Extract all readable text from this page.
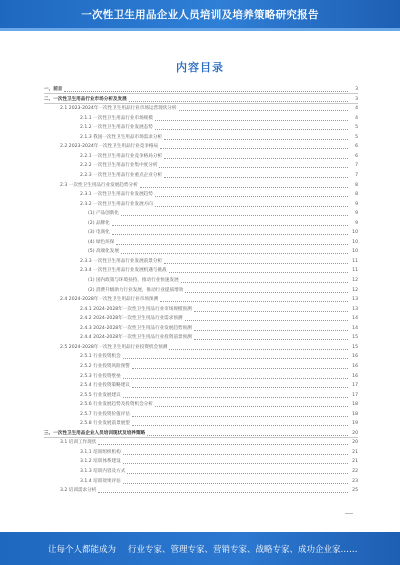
一次性卫生用品企业人员培训及培养策略研究报告
内容目录
一、前言	3
二、一次性卫生用品行业市场分析及发展	3
2.1 2023-2024年一次性卫生用品行业市场运营现状分析	4
2.1.1 一次性卫生用品行业市场规模	4
2.1.2 一次性卫生用品行业发展态势	5
2.1.3 我国一次性卫生用品市场需求分析	5
2.2 2023-2024年一次性卫生用品行业竞争格局	6
2.2.1 一次性卫生用品行业竞争格局分析	6
2.2.2 一次性卫生用品行业集中度分析	7
2.2.3 一次性卫生用品行业重点企业分析	7
2.3 一次性卫生用品行业发展趋势分析	8
2.3.1 一次性卫生用品行业发展趋势	8
2.3.2 一次性卫生用品行业发展方向	9
(1) 产品创新化	9
(2) 品牌化	9
(3) 电商化	10
(4) 绿色环保	10
(5) 高端化发展	10
2.3.3 一次性卫生用品行业发展前景分析	11
2.3.4 一次性卫生用品行业发展机遇与挑战	11
(1) 国内政策与环境扶持，推动行业快速发展	12
(2) 消费升级助力行业发展，推动行业提质增效	12
2.4 2024-2028年一次性卫生用品行业市场预测	13
2.4.1 2024-2028年一次性卫生用品行业市场规模预测	13
2.4.2 2024-2028年一次性卫生用品行业需求预测	14
2.4.3 2024-2028年一次性卫生用品行业发展趋势预测	14
2.4.4 2024-2028年一次性卫生用品行业投资前景预测	15
2.5 2024-2028年一次性卫生用品行业投资机会预测	15
2.5.1 行业投资机会	16
2.5.2 行业投资风险预警	16
2.5.3 行业投资壁垒	16
2.5.4 行业投资策略建议	17
2.5.5 行业发展建议	17
2.5.6 行业发展趋势及投资机会分析	18
2.5.7 行业投资价值评估	18
2.5.8 行业发展前景展望	19
三、一次性卫生用品企业人员培训现状及培养策略	20
3.1 培训工作现状	20
3.1.1 培训组织机构	21
3.1.2 培训体系建设	21
3.1.3 培训内容及方式	22
3.1.4 培训效果评估	23
3.2 培训需求分析	25
让每个人都能成为 行业专家、管理专家、营销专家、战略专家、成功企业家……
